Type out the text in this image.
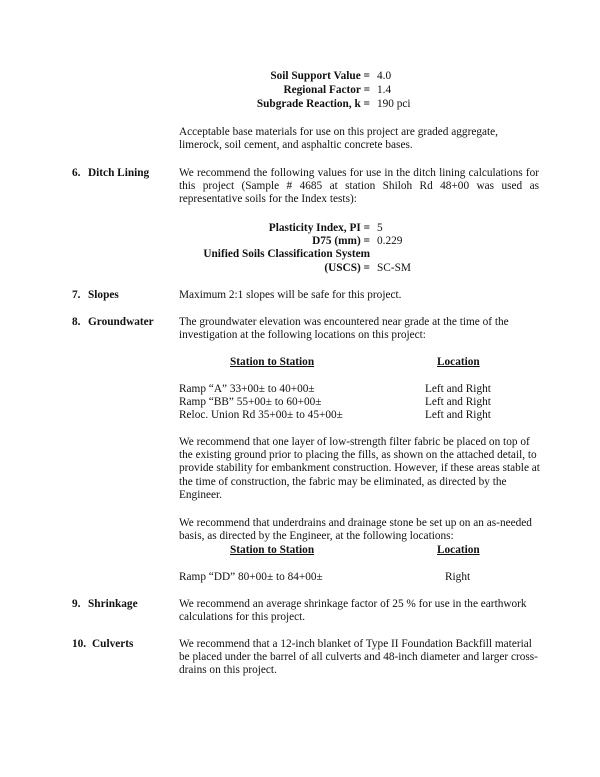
Soil Support Value = 4.0
Regional Factor = 1.4
Subgrade Reaction, k = 190 pci
Acceptable base materials for use on this project are graded aggregate, limerock, soil cement, and asphaltic concrete bases.
6. Ditch Lining	We recommend the following values for use in the ditch lining calculations for this project (Sample # 4685 at station Shiloh Rd 48+00 was used as representative soils for the Index tests):
Plasticity Index, PI = 5
D75 (mm) = 0.229
Unified Soils Classification System
(USCS) = SC-SM
7. Slopes	Maximum 2:1 slopes will be safe for this project.
8. Groundwater The groundwater elevation was encountered near grade at the time of the investigation at the following locations on this project:
Station to Station	Location
Ramp “A” 33+00± to 40+00±	Left and Right
Ramp “BB” 55+00± to 60+00±	Left and Right
Reloc. Union Rd 35+00± to 45+00±	Left and Right
We recommend that one layer of low-strength filter fabric be placed on top of the existing ground prior to placing the fills, as shown on the attached detail, to provide stability for embankment construction. However, if these areas stable at the time of construction, the fabric may be eliminated, as directed by the Engineer.
We recommend that underdrains and drainage stone be set up on an as-needed basis, as directed by the Engineer, at the following locations:
Station to Station	Location
Ramp “DD” 80+00± to 84+00±	Right
9. Shrinkage	We recommend an average shrinkage factor of 25 % for use in the earthwork calculations for this project.
10. Culverts	We recommend that a 12-inch blanket of Type II Foundation Backfill material be placed under the barrel of all culverts and 48-inch diameter and larger cross-drains on this project.
